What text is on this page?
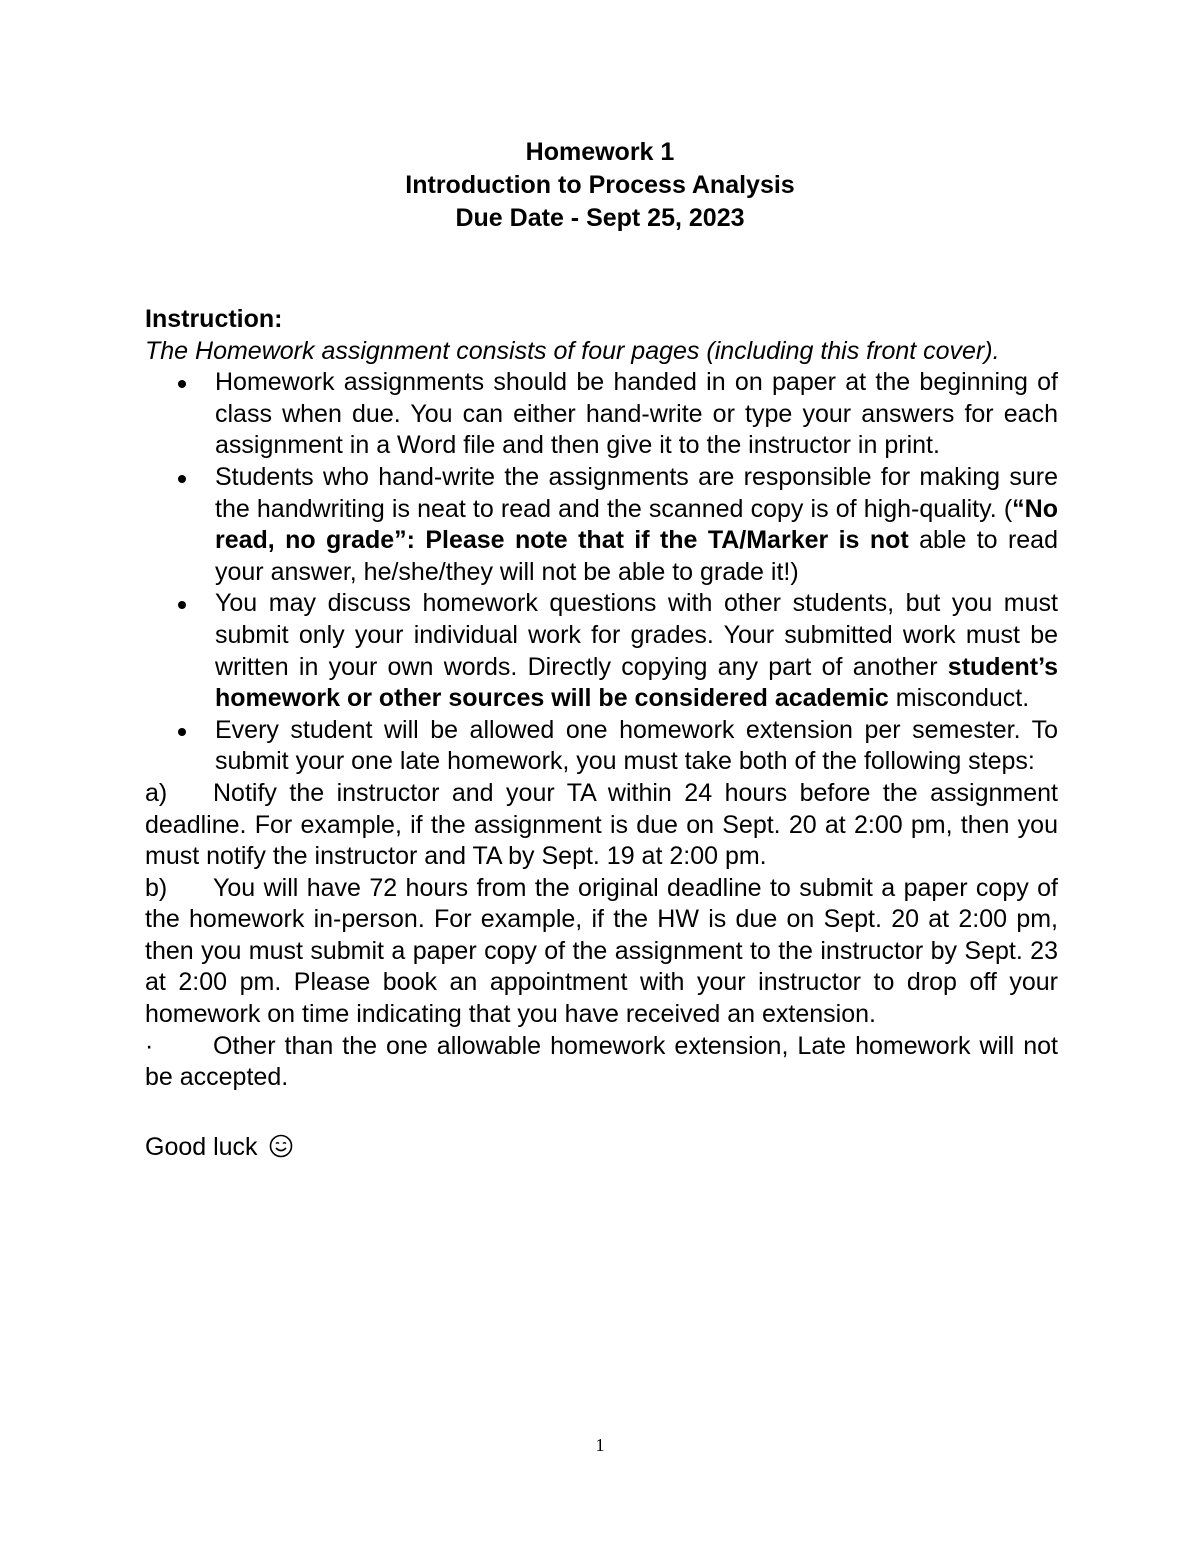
Homework 1
Introduction to Process Analysis
Due Date - Sept 25, 2023

Instruction:

The Homework assignment consists of four pages (including this front cover).

Homework assignments should be handed in on paper at the beginning of class when due. You can either hand-write or type your answers for each assignment in a Word file and then give it to the instructor in print.
Students who hand-write the assignments are responsible for making sure the handwriting is neat to read and the scanned copy is of high-quality. (“No read, no grade”: Please note that if the TA/Marker is not able to read your answer, he/she/they will not be able to grade it!)
You may discuss homework questions with other students, but you must submit only your individual work for grades. Your submitted work must be written in your own words. Directly copying any part of another student’s homework or other sources will be considered academic misconduct.
Every student will be allowed one homework extension per semester. To submit your one late homework, you must take both of the following steps:

a) Notify the instructor and your TA within 24 hours before the assignment deadline. For example, if the assignment is due on Sept. 20 at 2:00 pm, then you must notify the instructor and TA by Sept. 19 at 2:00 pm.

b) You will have 72 hours from the original deadline to submit a paper copy of the homework in-person. For example, if the HW is due on Sept. 20 at 2:00 pm, then you must submit a paper copy of the assignment to the instructor by Sept. 23 at 2:00 pm. Please book an appointment with your instructor to drop off your homework on time indicating that you have received an extension.

· Other than the one allowable homework extension, Late homework will not be accepted.

Good luck
1
